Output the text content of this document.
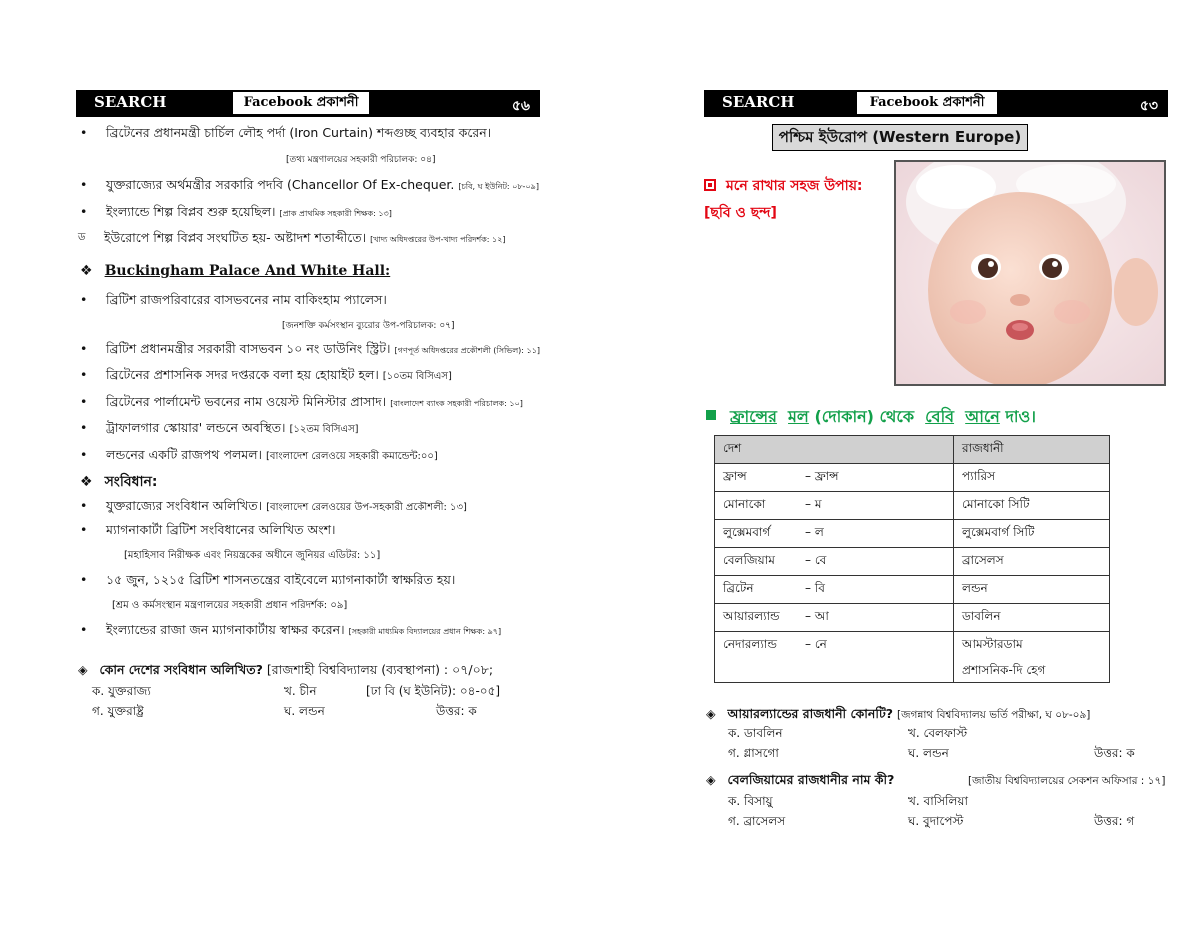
SEARCH	Facebook প্রকাশনী	৫৬
• ব্রিটেনের প্রধানমন্ত্রী চার্চিল লৌহ পর্দা (Iron Curtain) শব্দগুচ্ছ ব্যবহার করেন।
[তথ্য মন্ত্রণালয়ের সহকারী পরিচালক: ০৪]
• যুক্তরাজ্যের অর্থমন্ত্রীর সরকারি পদবি (Chancellor Of Ex-chequer. [চবি, ঘ ইউনিট: ০৮-০৯]
• ইংল্যান্ডে শিল্প বিপ্লব শুরু হয়েছিল। [প্রাক প্রাথমিক সহকারী শিক্ষক: ১৩]
ড ইউরোপে শিল্প বিপ্লব সংঘটিত হয়- অষ্টাদশ শতাব্দীতে। [খাদ্য অধিদপ্তরের উপ-খাদ্য পরিদর্শক: ১২]
❖ Buckingham Palace And White Hall:
• ব্রিটিশ রাজপরিবারের বাসভবনের নাম বাকিংহাম প্যালেস।
[জনশক্তি কর্মসংস্থান ব্যুরোর উপ-পরিচালক: ০৭]
• ব্রিটিশ প্রধানমন্ত্রীর সরকারী বাসভবন ১০ নং ডাউনিং স্ট্রিট। [গণপূর্ত অধিদপ্তরের প্রকৌশলী (সিভিল): ১১]
• ব্রিটেনের প্রশাসনিক সদর দপ্তরকে বলা হয় হোয়াইট হল। [১০তম বিসিএস]
• ব্রিটেনের পার্লামেন্ট ভবনের নাম ওয়েস্ট মিনিস্টার প্রাসাদ। [বাংলাদেশ ব্যাংক সহকারী পরিচালক: ১০]
• ট্রাফালগার স্কোয়ার' লন্ডনে অবস্থিত। [১২তম বিসিএস]
• লন্ডনের একটি রাজপথ পলমল। [বাংলাদেশ রেলওয়ে সহকারী কমান্ডেন্ট:০০]
❖ সংবিধান:
• যুক্তরাজ্যের সংবিধান অলিখিত। [বাংলাদেশ রেলওয়ের উপ-সহকারী প্রকৌশলী: ১৩]
• ম্যাগনাকার্টা ব্রিটিশ সংবিধানের অলিখিত অংশ।
[মহাহিসাব নিরীক্ষক এবং নিয়ন্ত্রকের অধীনে জুনিয়র এডিটর: ১১]
• ১৫ জুন, ১২১৫ ব্রিটিশ শাসনতন্ত্রের বাইবেলে ম্যাগনাকার্টা স্বাক্ষরিত হয়।
[শ্রম ও কর্মসংস্থান মন্ত্রণালয়ের সহকারী প্রধান পরিদর্শক: ০৯]
• ইংল্যান্ডের রাজা জন ম্যাগনাকার্টায় স্বাক্ষর করেন। [সহকারী মাধ্যমিক বিদ্যালয়ের প্রধান শিক্ষক: ৯৭]
◈ কোন দেশের সংবিধান অলিখিত? [রাজশাহী বিশ্ববিদ্যালয় (ব্যবস্থাপনা) : ০৭/০৮;
ক. যুক্তরাজ্য	খ. চীন	[ঢা বি (ঘ ইউনিট): ০৪-০৫]
গ. যুক্তরাষ্ট্র	ঘ. লন্ডন	উত্তর: ক
SEARCH	Facebook প্রকাশনী	৫৩
পশ্চিম ইউরোপ (Western Europe)
মনে রাখার সহজ উপায়:
[ছবি ও ছন্দ]
ফ্রান্সের মল (দোকান) থেকে বেবি আনে দাও।
দেশ	রাজধানী
ফ্রান্স – ফ্রান্স	প্যারিস
মোনাকো – ম	মোনাকো সিটি
লুক্সেমবার্গ – ল	লুক্সেমবার্গ সিটি
বেলজিয়াম – বে	ব্রাসেলস
ব্রিটেন – বি	লন্ডন
আয়ারল্যান্ড – আ	ডাবলিন
নেদারল্যান্ড – নে	আমস্টারডাম
প্রশাসনিক-দি হেগ
◈ আয়ারল্যান্ডের রাজধানী কোনটি? [জগন্নাথ বিশ্ববিদ্যালয় ভর্তি পরীক্ষা, ঘ ০৮-০৯]
ক. ডাবলিন	খ. বেলফাস্ট
গ. গ্লাসগো	ঘ. লন্ডন	উত্তর: ক
◈ বেলজিয়ামের রাজধানীর নাম কী?	[জাতীয় বিশ্ববিদ্যালয়ের সেকশন অফিসার : ১৭]
ক. বিসায়ু	খ. বাসিলিয়া
গ. ব্রাসেলস	ঘ. বুদাপেস্ট	উত্তর: গ
